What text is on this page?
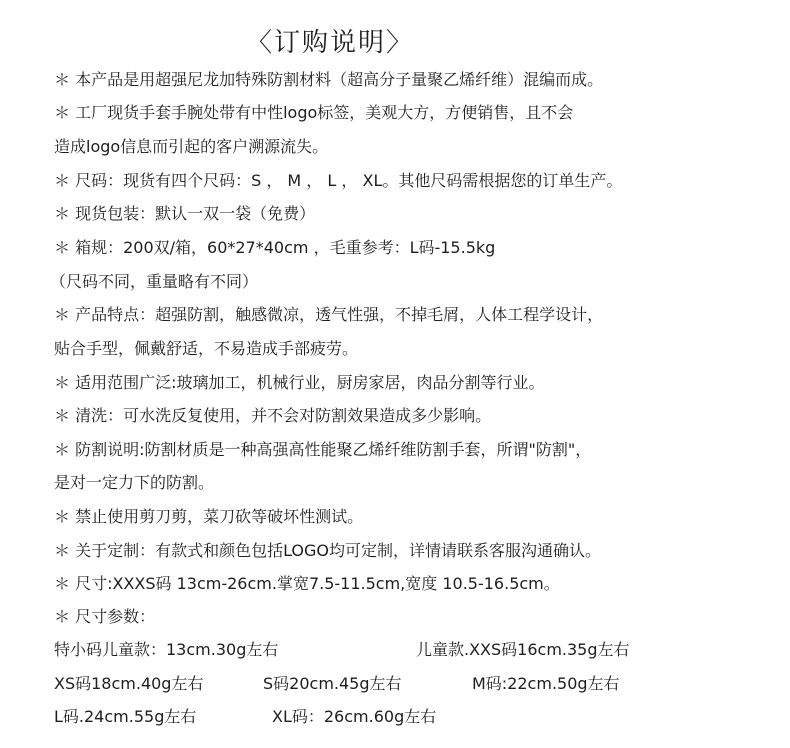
〈订购说明〉
＊ 本产品是用超强尼龙加特殊防割材料（超高分子量聚乙烯纤维）混编而成。
＊ 工厂现货手套手腕处带有中性logo标签，美观大方，方便销售，且不会
造成logo信息而引起的客户溯源流失。
＊ 尺码：现货有四个尺码：S ， M ， L ， XL。其他尺码需根据您的订单生产。
＊ 现货包装：默认一双一袋（免费）
＊ 箱规：200双/箱，60*27*40cm ，毛重参考：L码-15.5kg
（尺码不同，重量略有不同）
＊ 产品特点：超强防割，触感微凉，透气性强，不掉毛屑，人体工程学设计，
贴合手型，佩戴舒适，不易造成手部疲劳。
＊ 适用范围广泛:玻璃加工，机械行业，厨房家居，肉品分割等行业。
＊ 清洗：可水洗反复使用，并不会对防割效果造成多少影响。
＊ 防割说明:防割材质是一种高强高性能聚乙烯纤维防割手套，所谓"防割"，
是对一定力下的防割。
＊ 禁止使用剪刀剪，菜刀砍等破坏性测试。
＊ 关于定制：有款式和颜色包括LOGO均可定制，详情请联系客服沟通确认。
＊ 尺寸:XXXS码 13cm-26cm.掌宽7.5-11.5cm,宽度 10.5-16.5cm。
＊ 尺寸参数：
特小码儿童款：13cm.30g左右	儿童款.XXS码16cm.35g左右
XS码18cm.40g左右	S码20cm.45g左右	M码:22cm.50g左右
L码.24cm.55g左右	XL码：26cm.60g左右
